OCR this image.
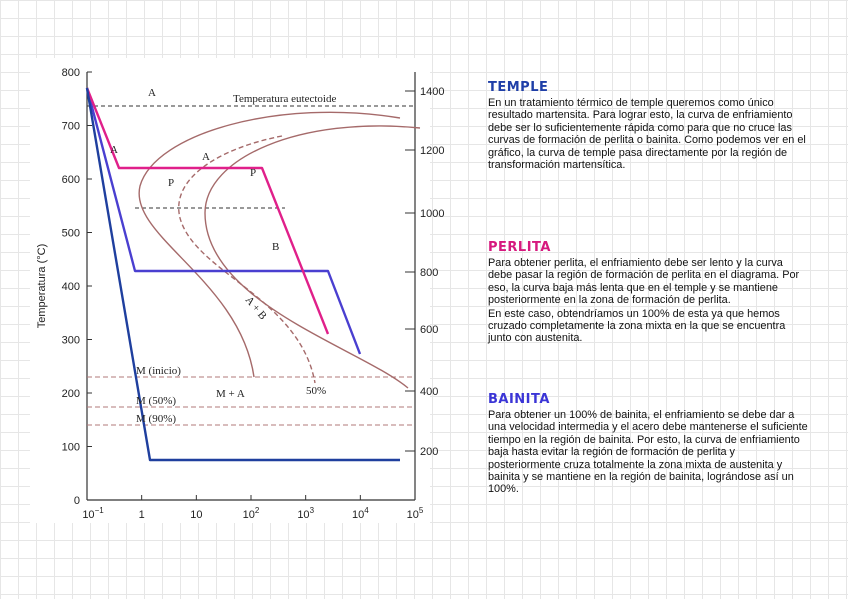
800
700
600
500
400
300
200
100
0
1400
1200
1000
800
600
400
200
$10^{-1}$	1	10	$10^2$	$10^3$	$10^4$	$10^5$
Temperatura (°C)
A	Temperatura eutectoide
A
A
P
P
B
A + B
50%
M (inicio)
M + A
M (50%)
M (90%)
TEMPLE

En un tratamiento térmico de temple queremos como único resultado martensita. Para lograr esto, la curva de enfriamiento debe ser lo suficientemente rápida como para que no cruce las curvas de formación de perlita o bainita. Como podemos ver en el gráfico, la curva de temple pasa directamente por la región de transformación martensítica.

PERLITA

Para obtener perlita, el enfriamiento debe ser lento y la curva debe pasar la región de formación de perlita en el diagrama. Por eso, la curva baja más lenta que en el temple y se mantiene posteriormente en la zona de formación de perlita.

En este caso, obtendríamos un 100% de esta ya que hemos cruzado completamente la zona mixta en la que se encuentra junto con austenita.

BAINITA

Para obtener un 100% de bainita, el enfriamiento se debe dar a una velocidad intermedia y el acero debe mantenerse el suficiente tiempo en la región de bainita. Por esto, la curva de enfriamiento baja hasta evitar la región de formación de perlita y posteriormente cruza totalmente la zona mixta de austenita y bainita y se mantiene en la región de bainita, lográndose así un 100%.
